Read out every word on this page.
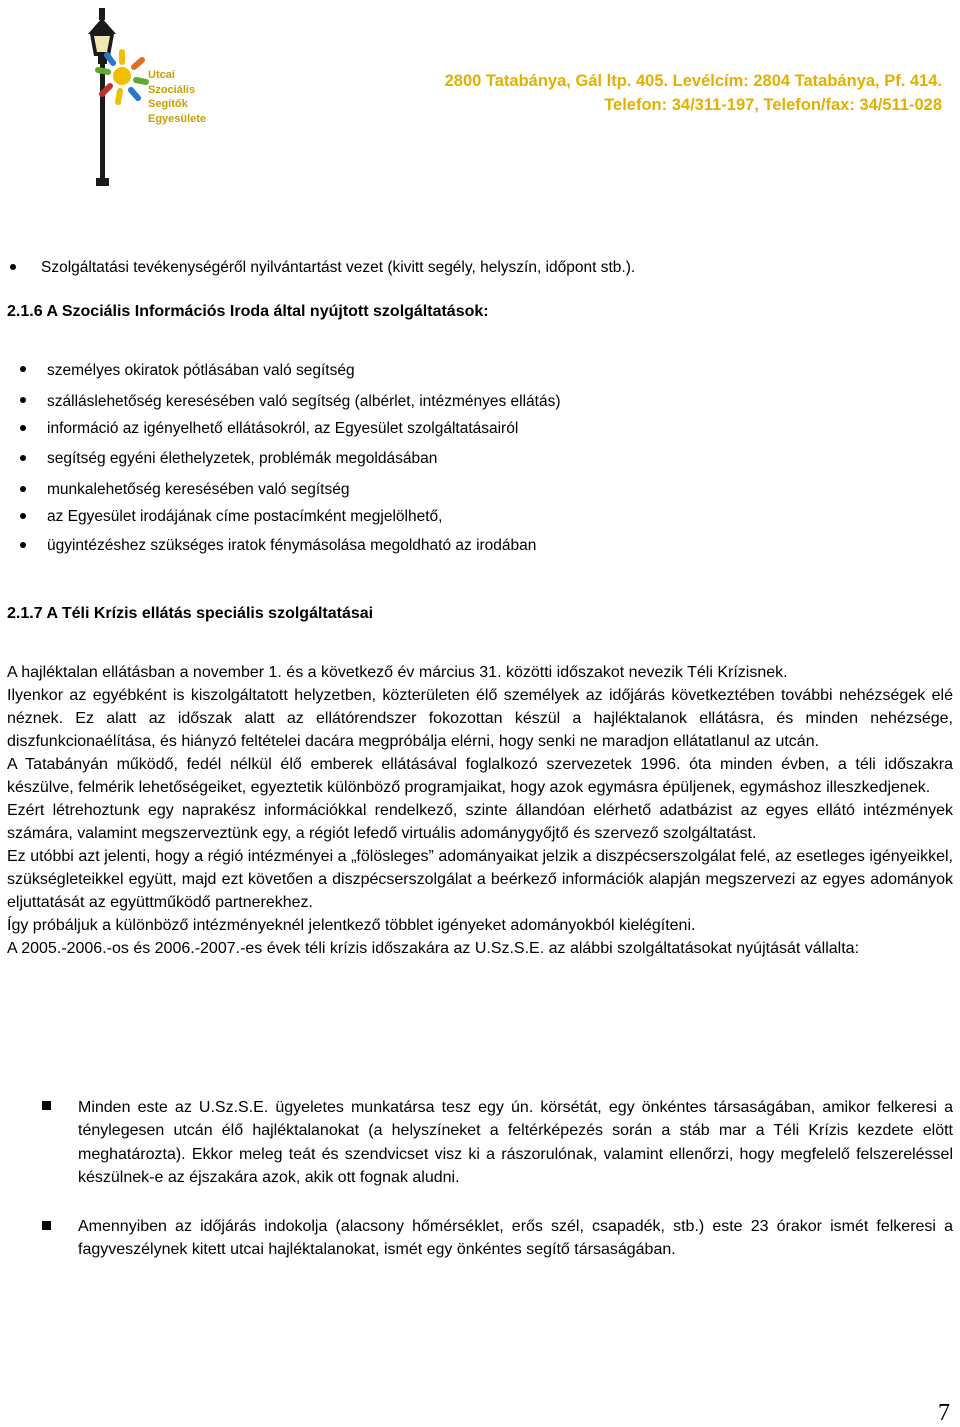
Utcai
Szociális
Segítők
Egyesülete
2800 Tatabánya, Gál ltp. 405. Levélcím: 2804 Tatabánya, Pf. 414.
Telefon: 34/311-197, Telefon/fax: 34/511-028
Szolgáltatási tevékenységéről nyilvántartást vezet (kivitt segély, helyszín, időpont stb.).
2.1.6 A Szociális Információs Iroda által nyújtott szolgáltatások:
személyes okiratok pótlásában való segítség
szálláslehetőség keresésében való segítség (albérlet, intézményes ellátás)
információ az igényelhető ellátásokról, az Egyesület szolgáltatásairól
segítség egyéni élethelyzetek, problémák megoldásában
munkalehetőség keresésében való segítség
az Egyesület irodájának címe postacímként megjelölhető,
ügyintézéshez szükséges iratok fénymásolása megoldható az irodában
2.1.7 A Téli Krízis ellátás speciális szolgáltatásai
A hajléktalan ellátásban a november 1. és a következő év március 31. közötti időszakot nevezik Téli Krízisnek.
Ilyenkor az egyébként is kiszolgáltatott helyzetben, közterületen élő személyek az időjárás következtében további nehézségek elé néznek. Ez alatt az időszak alatt az ellátórendszer fokozottan készül a hajléktalanok ellátásra, és minden nehézsége, diszfunkcionaélítása, és hiányzó feltételei dacára megpróbálja elérni, hogy senki ne maradjon ellátatlanul az utcán.
A Tatabányán működő, fedél nélkül élő emberek ellátásával foglalkozó szervezetek 1996. óta minden évben, a téli időszakra készülve, felmérik lehetőségeiket, egyeztetik különböző programjaikat, hogy azok egymásra épüljenek, egymáshoz illeszkedjenek.
Ezért létrehoztunk egy naprakész információkkal rendelkező, szinte állandóan elérhető adatbázist az egyes ellátó intézmények számára, valamint megszerveztünk egy, a régiót lefedő virtuális adománygyőjtő és szervező szolgáltatást.
Ez utóbbi azt jelenti, hogy a régió intézményei a „fölösleges” adományaikat jelzik a diszpécserszolgálat felé, az esetleges igényeikkel, szükségleteikkel együtt, majd ezt követően a diszpécserszolgálat a beérkező információk alapján megszervezi az egyes adományok eljuttatását az együttműködő partnerekhez.
Így próbáljuk a különböző intézményeknél jelentkező többlet igényeket adományokból kielégíteni.
A 2005.-2006.-os és 2006.-2007.-es évek téli krízis időszakára az U.Sz.S.E. az alábbi szolgáltatásokat nyújtását vállalta:
Minden este az U.Sz.S.E. ügyeletes munkatársa tesz egy ún. körsétát, egy önkéntes társaságában, amikor felkeresi a ténylegesen utcán élő hajléktalanokat (a helyszíneket a feltérképezés során a stáb mar a Téli Krízis kezdete elött meghatározta). Ekkor meleg teát és szendvicset visz ki a rászorulónak, valamint ellenőrzi, hogy megfelelő felszereléssel készülnek-e az éjszakára azok, akik ott fognak aludni.
Amennyiben az időjárás indokolja (alacsony hőmérséklet, erős szél, csapadék, stb.) este 23 órakor ismét felkeresi a fagyveszélynek kitett utcai hajléktalanokat, ismét egy önkéntes segítő társaságában.
7
